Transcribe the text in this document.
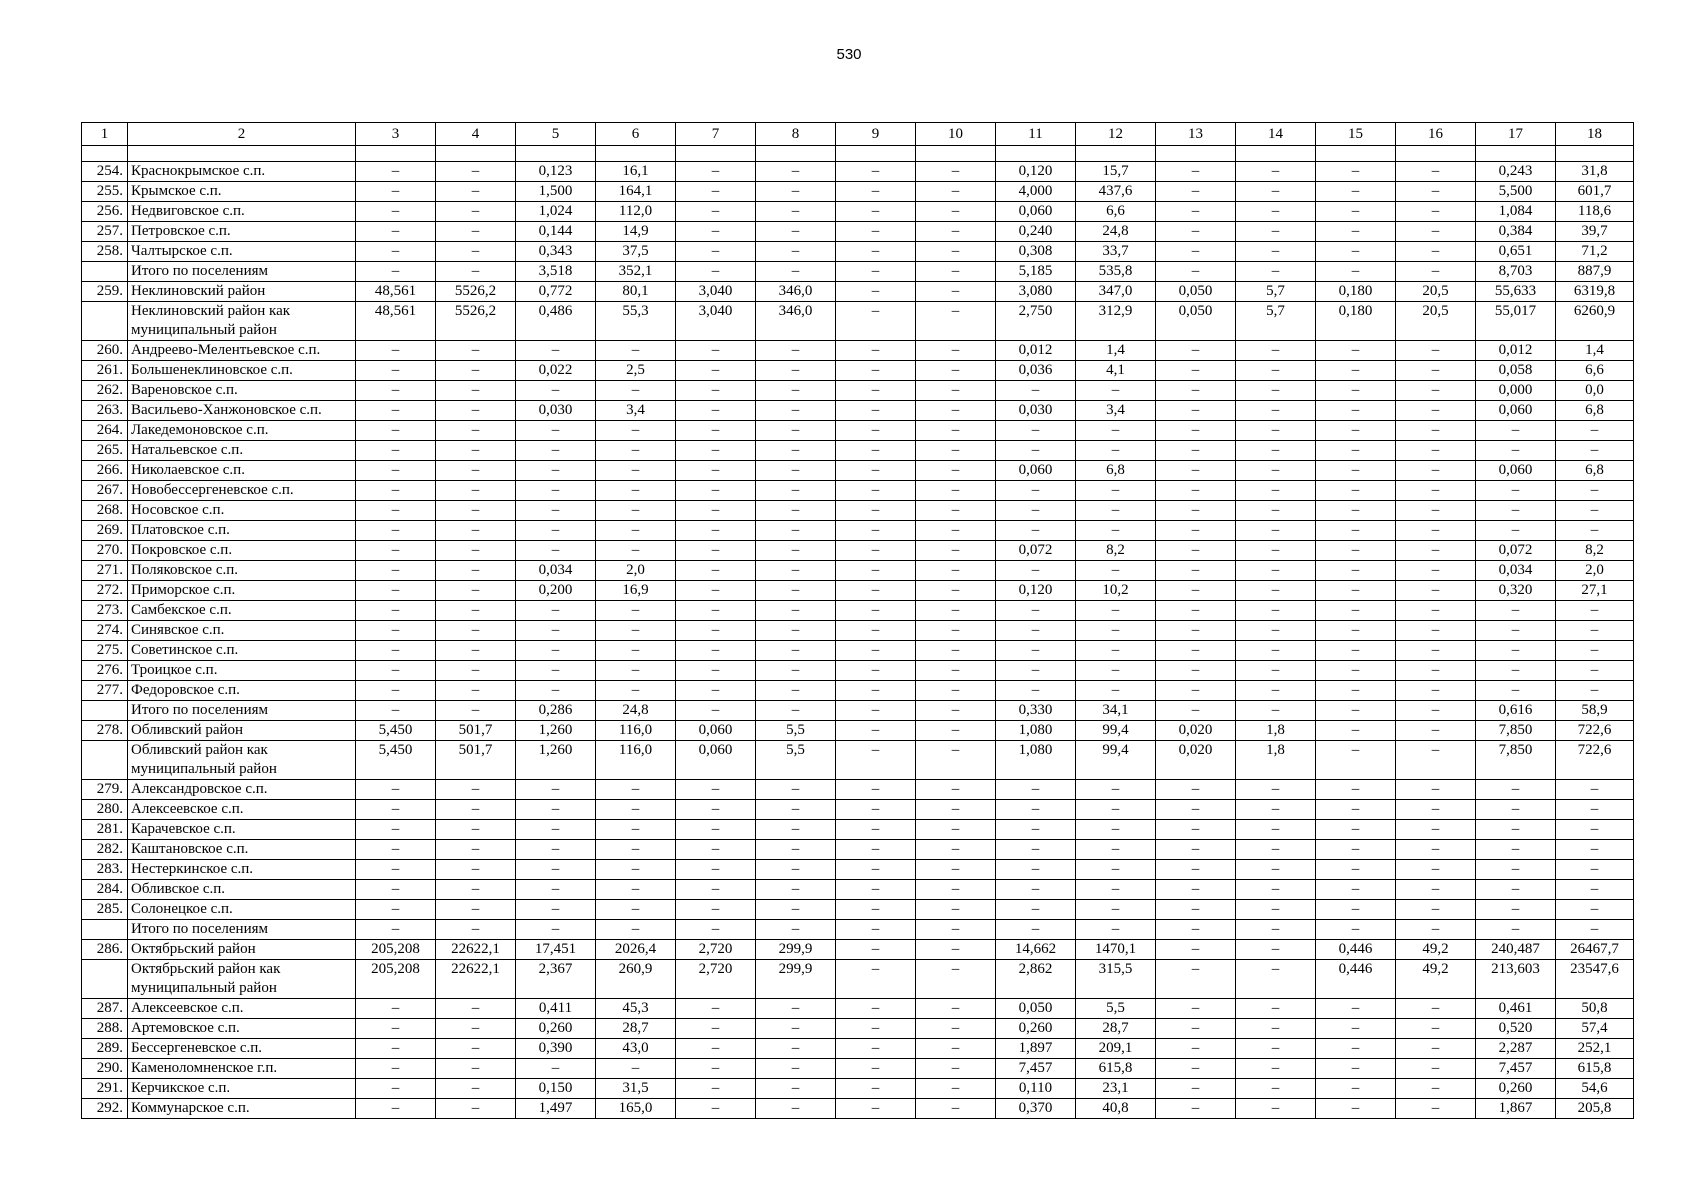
530
1	2	3	4	5	6	7	8	9	10	11	12	13	14	15	16	17	18

254.	Краснокрымское с.п.	–	–	0,123	16,1	–	–	–	–	0,120	15,7	–	–	–	–	0,243	31,8
255.	Крымское с.п.	–	–	1,500	164,1	–	–	–	–	4,000	437,6	–	–	–	–	5,500	601,7
256.	Недвиговское с.п.	–	–	1,024	112,0	–	–	–	–	0,060	6,6	–	–	–	–	1,084	118,6
257.	Петровское с.п.	–	–	0,144	14,9	–	–	–	–	0,240	24,8	–	–	–	–	0,384	39,7
258.	Чалтырское с.п.	–	–	0,343	37,5	–	–	–	–	0,308	33,7	–	–	–	–	0,651	71,2
	Итого по поселениям	–	–	3,518	352,1	–	–	–	–	5,185	535,8	–	–	–	–	8,703	887,9
259.	Неклиновский район	48,561	5526,2	0,772	80,1	3,040	346,0	–	–	3,080	347,0	0,050	5,7	0,180	20,5	55,633	6319,8
	Неклиновский район как муниципальный район	48,561	5526,2	0,486	55,3	3,040	346,0	–	–	2,750	312,9	0,050	5,7	0,180	20,5	55,017	6260,9
260.	Андреево-Мелентьевское с.п.	–	–	–	–	–	–	–	–	0,012	1,4	–	–	–	–	0,012	1,4
261.	Большенеклиновское с.п.	–	–	0,022	2,5	–	–	–	–	0,036	4,1	–	–	–	–	0,058	6,6
262.	Вареновское с.п.	–	–	–	–	–	–	–	–	–	–	–	–	–	–	0,000	0,0
263.	Васильево-Ханжоновское с.п.	–	–	0,030	3,4	–	–	–	–	0,030	3,4	–	–	–	–	0,060	6,8
264.	Лакедемоновское с.п.	–	–	–	–	–	–	–	–	–	–	–	–	–	–	–	–
265.	Натальевское с.п.	–	–	–	–	–	–	–	–	–	–	–	–	–	–	–	–
266.	Николаевское с.п.	–	–	–	–	–	–	–	–	0,060	6,8	–	–	–	–	0,060	6,8
267.	Новобессергеневское с.п.	–	–	–	–	–	–	–	–	–	–	–	–	–	–	–	–
268.	Носовское с.п.	–	–	–	–	–	–	–	–	–	–	–	–	–	–	–	–
269.	Платовское с.п.	–	–	–	–	–	–	–	–	–	–	–	–	–	–	–	–
270.	Покровское с.п.	–	–	–	–	–	–	–	–	0,072	8,2	–	–	–	–	0,072	8,2
271.	Поляковское с.п.	–	–	0,034	2,0	–	–	–	–	–	–	–	–	–	–	0,034	2,0
272.	Приморское с.п.	–	–	0,200	16,9	–	–	–	–	0,120	10,2	–	–	–	–	0,320	27,1
273.	Самбекское с.п.	–	–	–	–	–	–	–	–	–	–	–	–	–	–	–	–
274.	Синявское с.п.	–	–	–	–	–	–	–	–	–	–	–	–	–	–	–	–
275.	Советинское с.п.	–	–	–	–	–	–	–	–	–	–	–	–	–	–	–	–
276.	Троицкое с.п.	–	–	–	–	–	–	–	–	–	–	–	–	–	–	–	–
277.	Федоровское с.п.	–	–	–	–	–	–	–	–	–	–	–	–	–	–	–	–
	Итого по поселениям	–	–	0,286	24,8	–	–	–	–	0,330	34,1	–	–	–	–	0,616	58,9
278.	Обливский район	5,450	501,7	1,260	116,0	0,060	5,5	–	–	1,080	99,4	0,020	1,8	–	–	7,850	722,6
	Обливский район как муниципальный район	5,450	501,7	1,260	116,0	0,060	5,5	–	–	1,080	99,4	0,020	1,8	–	–	7,850	722,6
279.	Александровское с.п.	–	–	–	–	–	–	–	–	–	–	–	–	–	–	–	–
280.	Алексеевское с.п.	–	–	–	–	–	–	–	–	–	–	–	–	–	–	–	–
281.	Карачевское с.п.	–	–	–	–	–	–	–	–	–	–	–	–	–	–	–	–
282.	Каштановское с.п.	–	–	–	–	–	–	–	–	–	–	–	–	–	–	–	–
283.	Нестеркинское с.п.	–	–	–	–	–	–	–	–	–	–	–	–	–	–	–	–
284.	Обливское с.п.	–	–	–	–	–	–	–	–	–	–	–	–	–	–	–	–
285.	Солонецкое с.п.	–	–	–	–	–	–	–	–	–	–	–	–	–	–	–	–
	Итого по поселениям	–	–	–	–	–	–	–	–	–	–	–	–	–	–	–	–
286.	Октябрьский район	205,208	22622,1	17,451	2026,4	2,720	299,9	–	–	14,662	1470,1	–	–	0,446	49,2	240,487	26467,7
	Октябрьский район как муниципальный район	205,208	22622,1	2,367	260,9	2,720	299,9	–	–	2,862	315,5	–	–	0,446	49,2	213,603	23547,6
287.	Алексеевское с.п.	–	–	0,411	45,3	–	–	–	–	0,050	5,5	–	–	–	–	0,461	50,8
288.	Артемовское с.п.	–	–	0,260	28,7	–	–	–	–	0,260	28,7	–	–	–	–	0,520	57,4
289.	Бессергеневское с.п.	–	–	0,390	43,0	–	–	–	–	1,897	209,1	–	–	–	–	2,287	252,1
290.	Каменоломненское г.п.	–	–	–	–	–	–	–	–	7,457	615,8	–	–	–	–	7,457	615,8
291.	Керчикское с.п.	–	–	0,150	31,5	–	–	–	–	0,110	23,1	–	–	–	–	0,260	54,6
292.	Коммунарское с.п.	–	–	1,497	165,0	–	–	–	–	0,370	40,8	–	–	–	–	1,867	205,8
